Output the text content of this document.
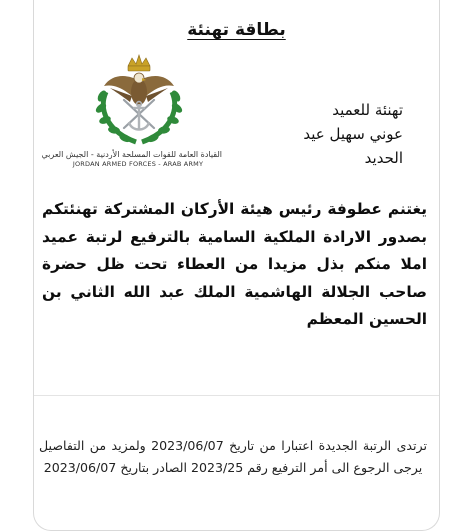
بطاقة تهنئة
القيادة العامة للقوات المسلحة الأردنية - الجيش العربي
JORDAN ARMED FORCES - ARAB ARMY
تهنئة للعميد
عوني سهيل عيد
الحديد
يغتنم عطوفة رئيس هيئة الأركان المشتركة تهنئتكم بصدور الارادة الملكية السامية بالترفيع لرتبة عميد املا منكم بذل مزيدا من العطاء تحت ظل حضرة صاحب الجلالة الهاشمية الملك عبد الله الثاني بن الحسين المعظم
ترتدى الرتبة الجديدة اعتبارا من تاريخ 2023/06/07 ولمزيد من التفاصيل يرجى الرجوع الى أمر الترفيع رقم 2023/25 الصادر بتاريخ 2023/06/07
